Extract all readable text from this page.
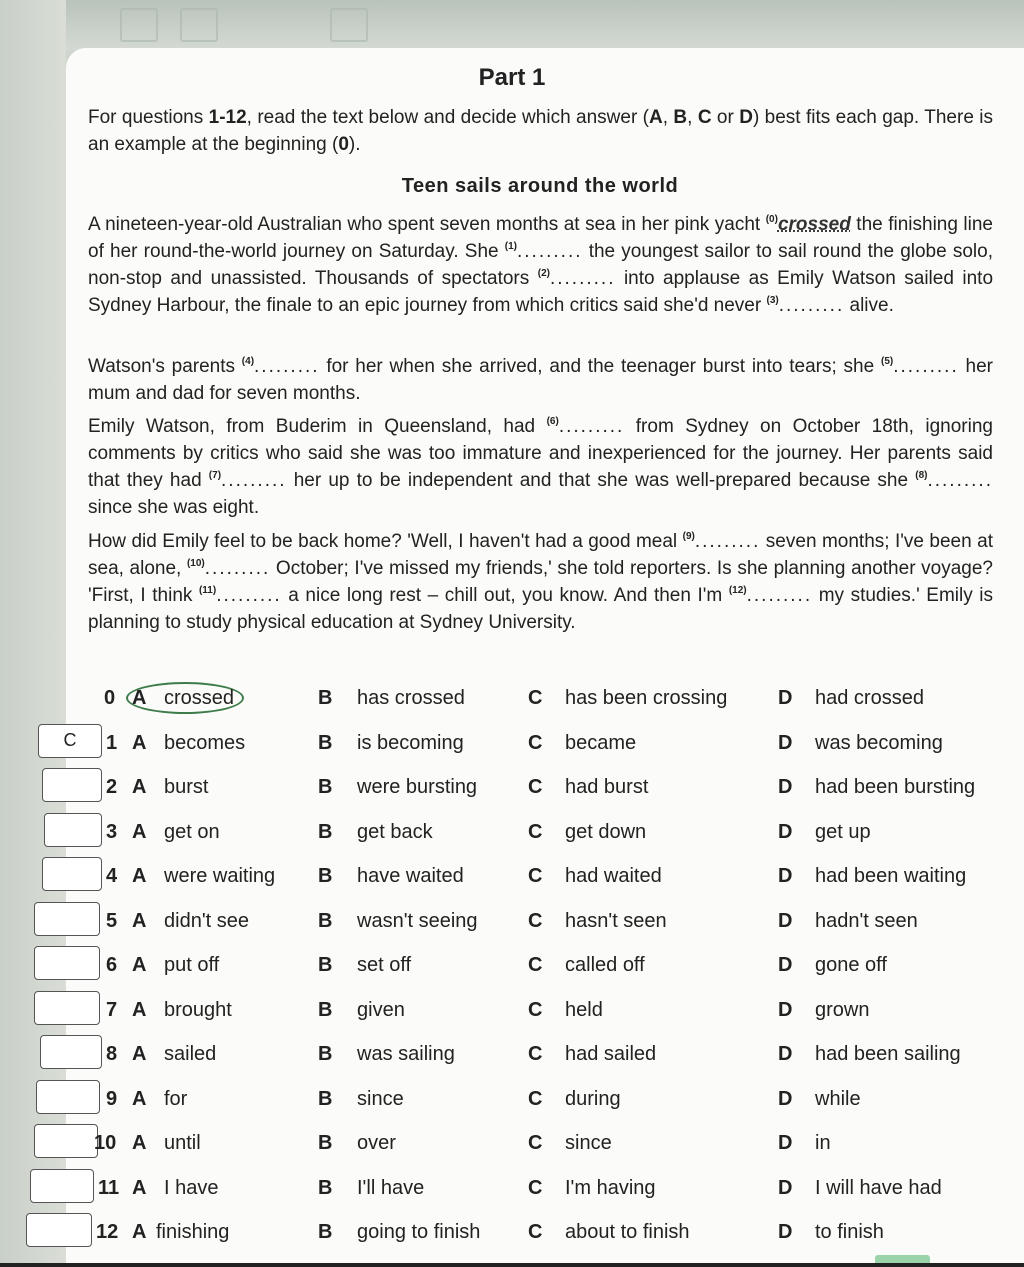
Part 1
For questions 1-12, read the text below and decide which answer (A, B, C or D) best fits each gap. There is an example at the beginning (0).
Teen sails around the world
A nineteen-year-old Australian who spent seven months at sea in her pink yacht $^{(0)}$crossed the finishing line of her round-the-world journey on Saturday. She $^{(1)}$......... the youngest sailor to sail round the globe solo, non-stop and unassisted. Thousands of spectators $^{(2)}$......... into applause as Emily Watson sailed into Sydney Harbour, the finale to an epic journey from which critics said she'd never $^{(3)}$......... alive.
Watson's parents $^{(4)}$......... for her when she arrived, and the teenager burst into tears; she $^{(5)}$......... her mum and dad for seven months.
Emily Watson, from Buderim in Queensland, had $^{(6)}$......... from Sydney on October 18th, ignoring comments by critics who said she was too immature and inexperienced for the journey. Her parents said that they had $^{(7)}$......... her up to be independent and that she was well-prepared because she $^{(8)}$......... since she was eight.
How did Emily feel to be back home? 'Well, I haven't had a good meal $^{(9)}$......... seven months; I've been at sea, alone, $^{(10)}$......... October; I've missed my friends,' she told reporters. Is she planning another voyage? 'First, I think $^{(11)}$......... a nice long rest – chill out, you know. And then I'm $^{(12)}$......... my studies.' Emily is planning to study physical education at Sydney University.
0 A crossed	B has crossed	C has been crossing	D had crossed
C	1 A becomes	B is becoming	C became	D was becoming
2 A burst	B were bursting	C had burst	D had been bursting
3 A get on	B get back	C get down	D get up
4 A were waiting B have waited	C had waited	D had been waiting
5 A didn't see	B wasn't seeing	C hasn't seen	D hadn't seen
6 A put off	B set off	C called off	D gone off
7 A brought	B given	C held	D grown
8 A sailed	B was sailing	C had sailed	D had been sailing
9 A for	B since	C during	D while
10 A until	B over	C since	D in
11 A I have	B I'll have	C I'm having	D I will have had
12 A finishing	B going to finish C about to finish	D to finish
